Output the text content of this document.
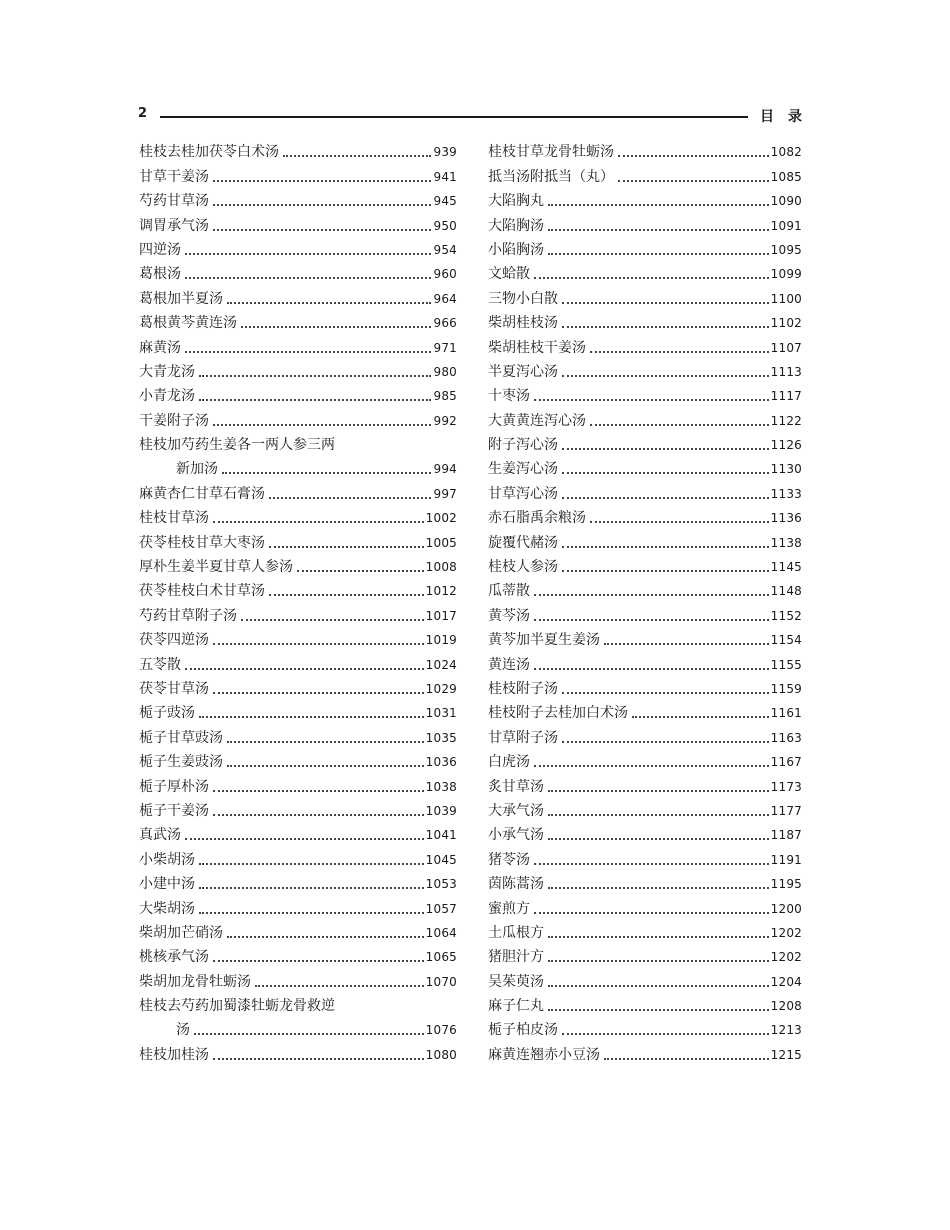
2	目录
桂枝去桂加茯苓白术汤	939
甘草干姜汤	941
芍药甘草汤	945
调胃承气汤	950
四逆汤	954
葛根汤	960
葛根加半夏汤	964
葛根黄芩黄连汤	966
麻黄汤	971
大青龙汤	980
小青龙汤	985
干姜附子汤	992
桂枝加芍药生姜各一两人参三两
新加汤	994
麻黄杏仁甘草石膏汤	997
桂枝甘草汤	1002
茯苓桂枝甘草大枣汤	1005
厚朴生姜半夏甘草人参汤	1008
茯苓桂枝白术甘草汤	1012
芍药甘草附子汤	1017
茯苓四逆汤	1019
五苓散	1024
茯苓甘草汤	1029
栀子豉汤	1031
栀子甘草豉汤	1035
栀子生姜豉汤	1036
栀子厚朴汤	1038
栀子干姜汤	1039
真武汤	1041
小柴胡汤	1045
小建中汤	1053
大柴胡汤	1057
柴胡加芒硝汤	1064
桃核承气汤	1065
柴胡加龙骨牡蛎汤	1070
桂枝去芍药加蜀漆牡蛎龙骨救逆
汤	1076
桂枝加桂汤	1080
桂枝甘草龙骨牡蛎汤	1082
抵当汤附抵当（丸）	1085
大陷胸丸	1090
大陷胸汤	1091
小陷胸汤	1095
文蛤散	1099
三物小白散	1100
柴胡桂枝汤	1102
柴胡桂枝干姜汤	1107
半夏泻心汤	1113
十枣汤	1117
大黄黄连泻心汤	1122
附子泻心汤	1126
生姜泻心汤	1130
甘草泻心汤	1133
赤石脂禹余粮汤	1136
旋覆代赭汤	1138
桂枝人参汤	1145
瓜蒂散	1148
黄芩汤	1152
黄芩加半夏生姜汤	1154
黄连汤	1155
桂枝附子汤	1159
桂枝附子去桂加白术汤	1161
甘草附子汤	1163
白虎汤	1167
炙甘草汤	1173
大承气汤	1177
小承气汤	1187
猪苓汤	1191
茵陈蒿汤	1195
蜜煎方	1200
土瓜根方	1202
猪胆汁方	1202
吴茱萸汤	1204
麻子仁丸	1208
栀子柏皮汤	1213
麻黄连翘赤小豆汤	1215
